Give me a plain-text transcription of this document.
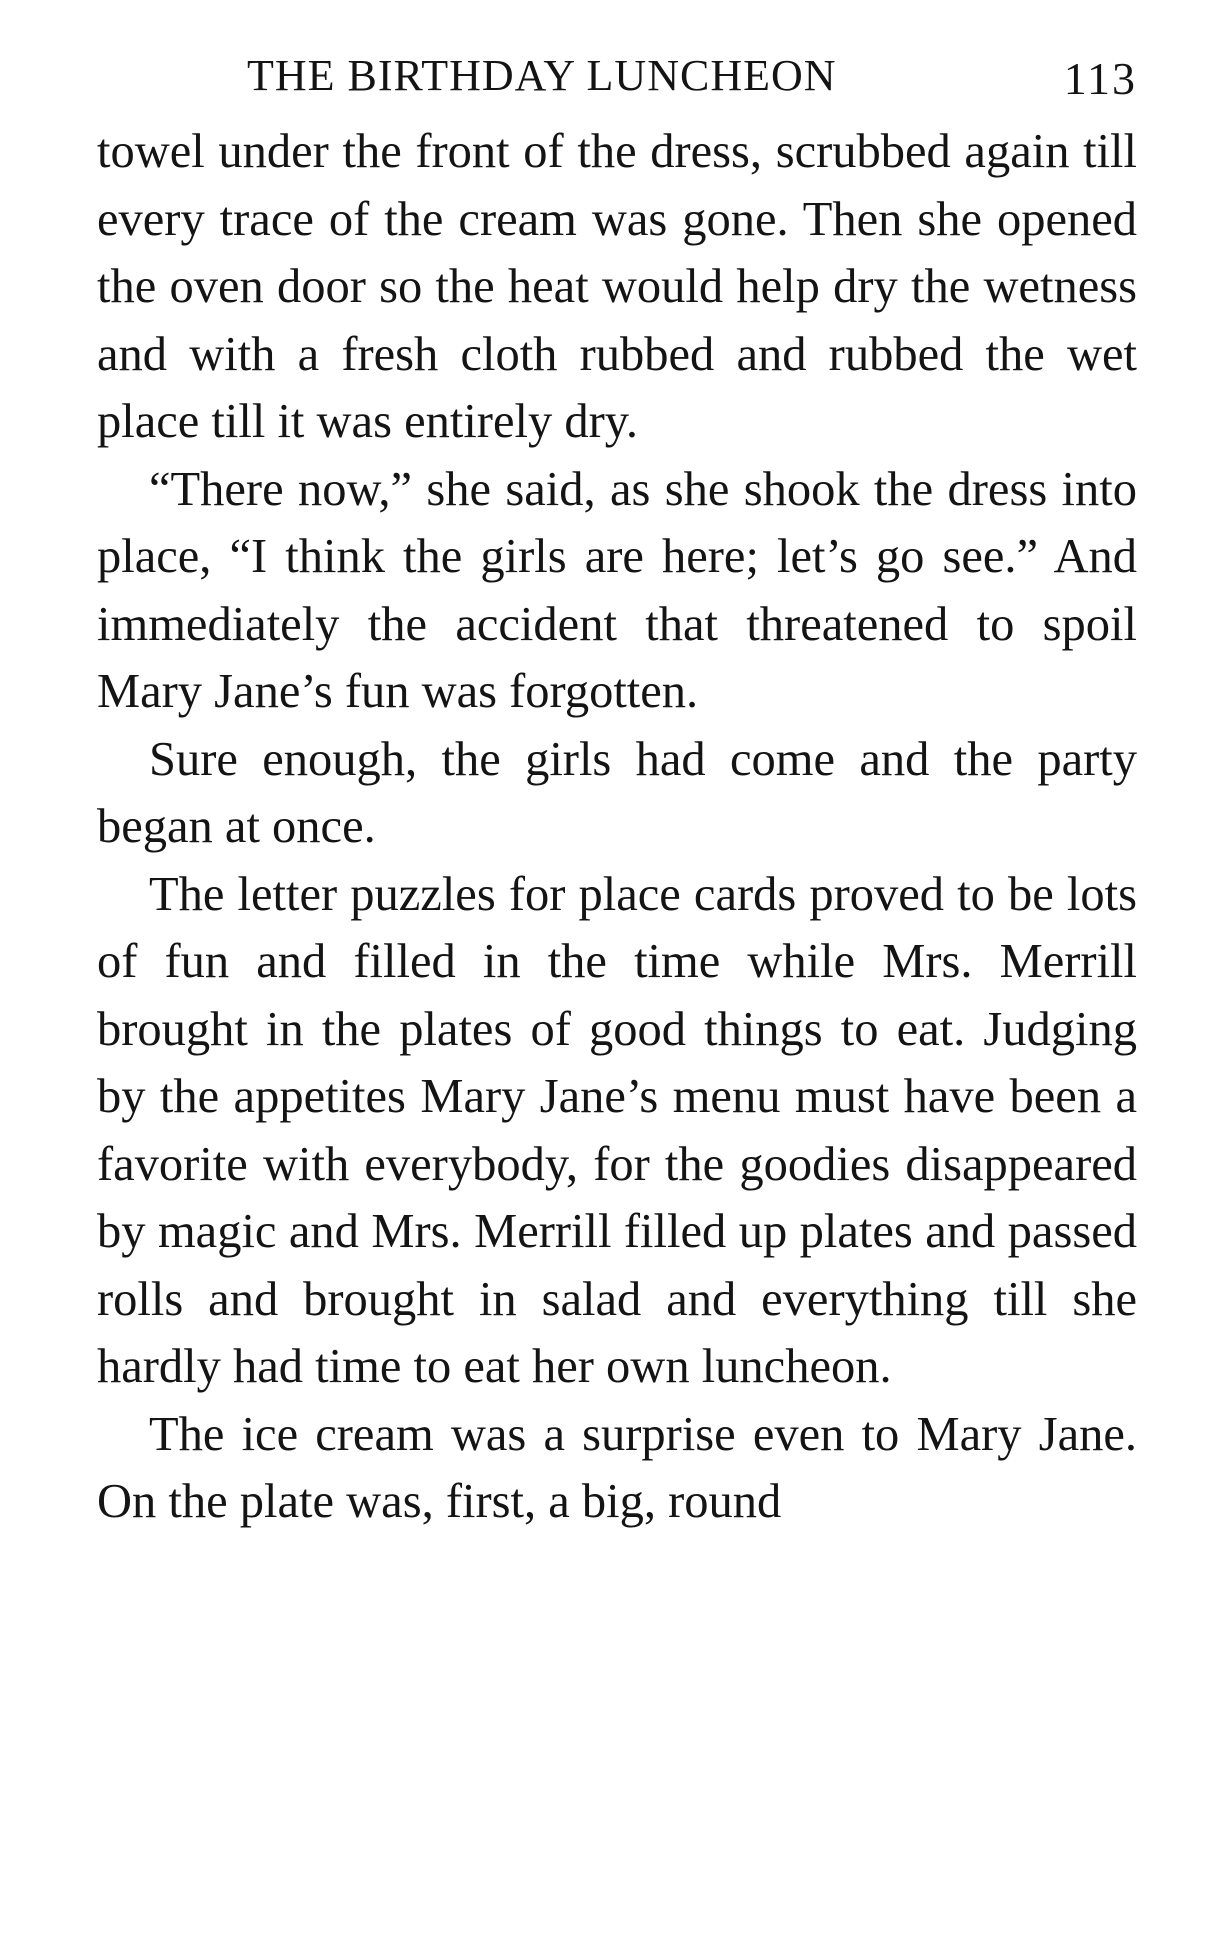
THE BIRTHDAY LUNCHEON	113

towel under the front of the dress, scrubbed again till every trace of the cream was gone. Then she opened the oven door so the heat would help dry the wetness and with a fresh cloth rubbed and rubbed the wet place till it was entirely dry.

“There now,” she said, as she shook the dress into place, “I think the girls are here; let’s go see.” And immediately the accident that threatened to spoil Mary Jane’s fun was forgotten.

Sure enough, the girls had come and the party began at once.

The letter puzzles for place cards proved to be lots of fun and filled in the time while Mrs. Merrill brought in the plates of good things to eat. Judging by the appetites Mary Jane’s menu must have been a favorite with everybody, for the goodies disappeared by magic and Mrs. Merrill filled up plates and passed rolls and brought in salad and everything till she hardly had time to eat her own luncheon.

The ice cream was a surprise even to Mary Jane. On the plate was, first, a big, round
